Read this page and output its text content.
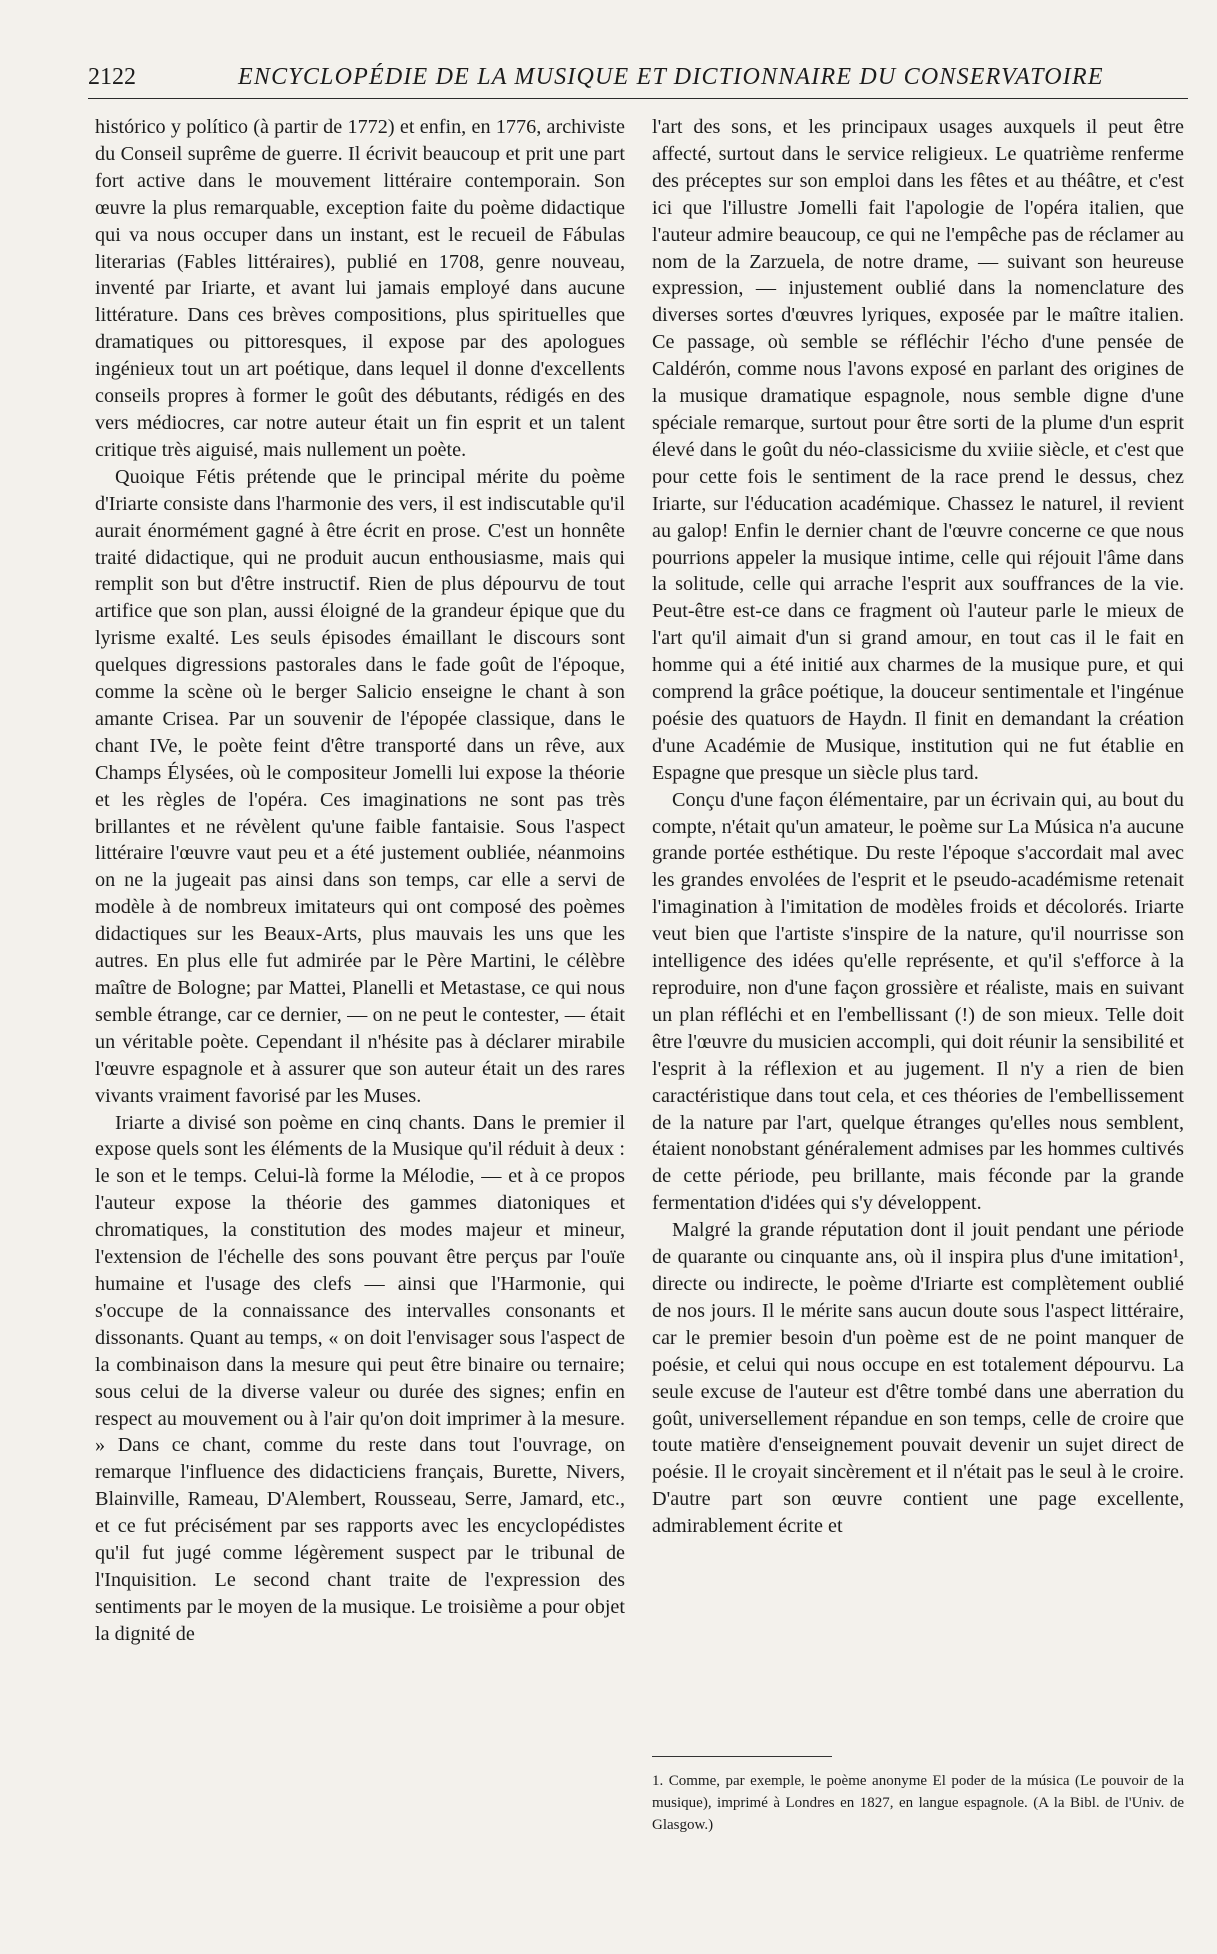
2122	ENCYCLOPÉDIE DE LA MUSIQUE ET DICTIONNAIRE DU CONSERVATOIRE

histórico y político (à partir de 1772) et enfin, en 1776, archiviste du Conseil suprême de guerre. Il écrivit beaucoup et prit une part fort active dans le mouvement littéraire contemporain. Son œuvre la plus remarquable, exception faite du poème didactique qui va nous occuper dans un instant, est le recueil de Fábulas literarias (Fables littéraires), publié en 1708, genre nouveau, inventé par Iriarte, et avant lui jamais employé dans aucune littérature. Dans ces brèves compositions, plus spirituelles que dramatiques ou pittoresques, il expose par des apologues ingénieux tout un art poétique, dans lequel il donne d'excellents conseils propres à former le goût des débutants, rédigés en des vers médiocres, car notre auteur était un fin esprit et un talent critique très aiguisé, mais nullement un poète.

Quoique Fétis prétende que le principal mérite du poème d'Iriarte consiste dans l'harmonie des vers, il est indiscutable qu'il aurait énormément gagné à être écrit en prose. C'est un honnête traité didactique, qui ne produit aucun enthousiasme, mais qui remplit son but d'être instructif. Rien de plus dépourvu de tout artifice que son plan, aussi éloigné de la grandeur épique que du lyrisme exalté. Les seuls épisodes émaillant le discours sont quelques digressions pastorales dans le fade goût de l'époque, comme la scène où le berger Salicio enseigne le chant à son amante Crisea. Par un souvenir de l'épopée classique, dans le chant IVe, le poète feint d'être transporté dans un rêve, aux Champs Élysées, où le compositeur Jomelli lui expose la théorie et les règles de l'opéra. Ces imaginations ne sont pas très brillantes et ne révèlent qu'une faible fantaisie. Sous l'aspect littéraire l'œuvre vaut peu et a été justement oubliée, néanmoins on ne la jugeait pas ainsi dans son temps, car elle a servi de modèle à de nombreux imitateurs qui ont composé des poèmes didactiques sur les Beaux-Arts, plus mauvais les uns que les autres. En plus elle fut admirée par le Père Martini, le célèbre maître de Bologne; par Mattei, Planelli et Metastase, ce qui nous semble étrange, car ce dernier, — on ne peut le contester, — était un véritable poète. Cependant il n'hésite pas à déclarer mirabile l'œuvre espagnole et à assurer que son auteur était un des rares vivants vraiment favorisé par les Muses.

Iriarte a divisé son poème en cinq chants. Dans le premier il expose quels sont les éléments de la Musique qu'il réduit à deux : le son et le temps. Celui-là forme la Mélodie, — et à ce propos l'auteur expose la théorie des gammes diatoniques et chromatiques, la constitution des modes majeur et mineur, l'extension de l'échelle des sons pouvant être perçus par l'ouïe humaine et l'usage des clefs — ainsi que l'Harmonie, qui s'occupe de la connaissance des intervalles consonants et dissonants. Quant au temps, « on doit l'envisager sous l'aspect de la combinaison dans la mesure qui peut être binaire ou ternaire; sous celui de la diverse valeur ou durée des signes; enfin en respect au mouvement ou à l'air qu'on doit imprimer à la mesure. » Dans ce chant, comme du reste dans tout l'ouvrage, on remarque l'influence des didacticiens français, Burette, Nivers, Blainville, Rameau, D'Alembert, Rousseau, Serre, Jamard, etc., et ce fut précisément par ses rapports avec les encyclopédistes qu'il fut jugé comme légèrement suspect par le tribunal de l'Inquisition. Le second chant traite de l'expression des sentiments par le moyen de la musique. Le troisième a pour objet la dignité de

l'art des sons, et les principaux usages auxquels il peut être affecté, surtout dans le service religieux. Le quatrième renferme des préceptes sur son emploi dans les fêtes et au théâtre, et c'est ici que l'illustre Jomelli fait l'apologie de l'opéra italien, que l'auteur admire beaucoup, ce qui ne l'empêche pas de réclamer au nom de la Zarzuela, de notre drame, — suivant son heureuse expression, — injustement oublié dans la nomenclature des diverses sortes d'œuvres lyriques, exposée par le maître italien. Ce passage, où semble se réfléchir l'écho d'une pensée de Caldérón, comme nous l'avons exposé en parlant des origines de la musique dramatique espagnole, nous semble digne d'une spéciale remarque, surtout pour être sorti de la plume d'un esprit élevé dans le goût du néo-classicisme du xviiie siècle, et c'est que pour cette fois le sentiment de la race prend le dessus, chez Iriarte, sur l'éducation académique. Chassez le naturel, il revient au galop! Enfin le dernier chant de l'œuvre concerne ce que nous pourrions appeler la musique intime, celle qui réjouit l'âme dans la solitude, celle qui arrache l'esprit aux souffrances de la vie. Peut-être est-ce dans ce fragment où l'auteur parle le mieux de l'art qu'il aimait d'un si grand amour, en tout cas il le fait en homme qui a été initié aux charmes de la musique pure, et qui comprend la grâce poétique, la douceur sentimentale et l'ingénue poésie des quatuors de Haydn. Il finit en demandant la création d'une Académie de Musique, institution qui ne fut établie en Espagne que presque un siècle plus tard.

Conçu d'une façon élémentaire, par un écrivain qui, au bout du compte, n'était qu'un amateur, le poème sur La Música n'a aucune grande portée esthétique. Du reste l'époque s'accordait mal avec les grandes envolées de l'esprit et le pseudo-académisme retenait l'imagination à l'imitation de modèles froids et décolorés. Iriarte veut bien que l'artiste s'inspire de la nature, qu'il nourrisse son intelligence des idées qu'elle représente, et qu'il s'efforce à la reproduire, non d'une façon grossière et réaliste, mais en suivant un plan réfléchi et en l'embellissant (!) de son mieux. Telle doit être l'œuvre du musicien accompli, qui doit réunir la sensibilité et l'esprit à la réflexion et au jugement. Il n'y a rien de bien caractéristique dans tout cela, et ces théories de l'embellissement de la nature par l'art, quelque étranges qu'elles nous semblent, étaient nonobstant généralement admises par les hommes cultivés de cette période, peu brillante, mais féconde par la grande fermentation d'idées qui s'y développent.

Malgré la grande réputation dont il jouit pendant une période de quarante ou cinquante ans, où il inspira plus d'une imitation¹, directe ou indirecte, le poème d'Iriarte est complètement oublié de nos jours. Il le mérite sans aucun doute sous l'aspect littéraire, car le premier besoin d'un poème est de ne point manquer de poésie, et celui qui nous occupe en est totalement dépourvu. La seule excuse de l'auteur est d'être tombé dans une aberration du goût, universellement répandue en son temps, celle de croire que toute matière d'enseignement pouvait devenir un sujet direct de poésie. Il le croyait sincèrement et il n'était pas le seul à le croire. D'autre part son œuvre contient une page excellente, admirablement écrite et

1. Comme, par exemple, le poème anonyme El poder de la música (Le pouvoir de la musique), imprimé à Londres en 1827, en langue espagnole. (A la Bibl. de l'Univ. de Glasgow.)
